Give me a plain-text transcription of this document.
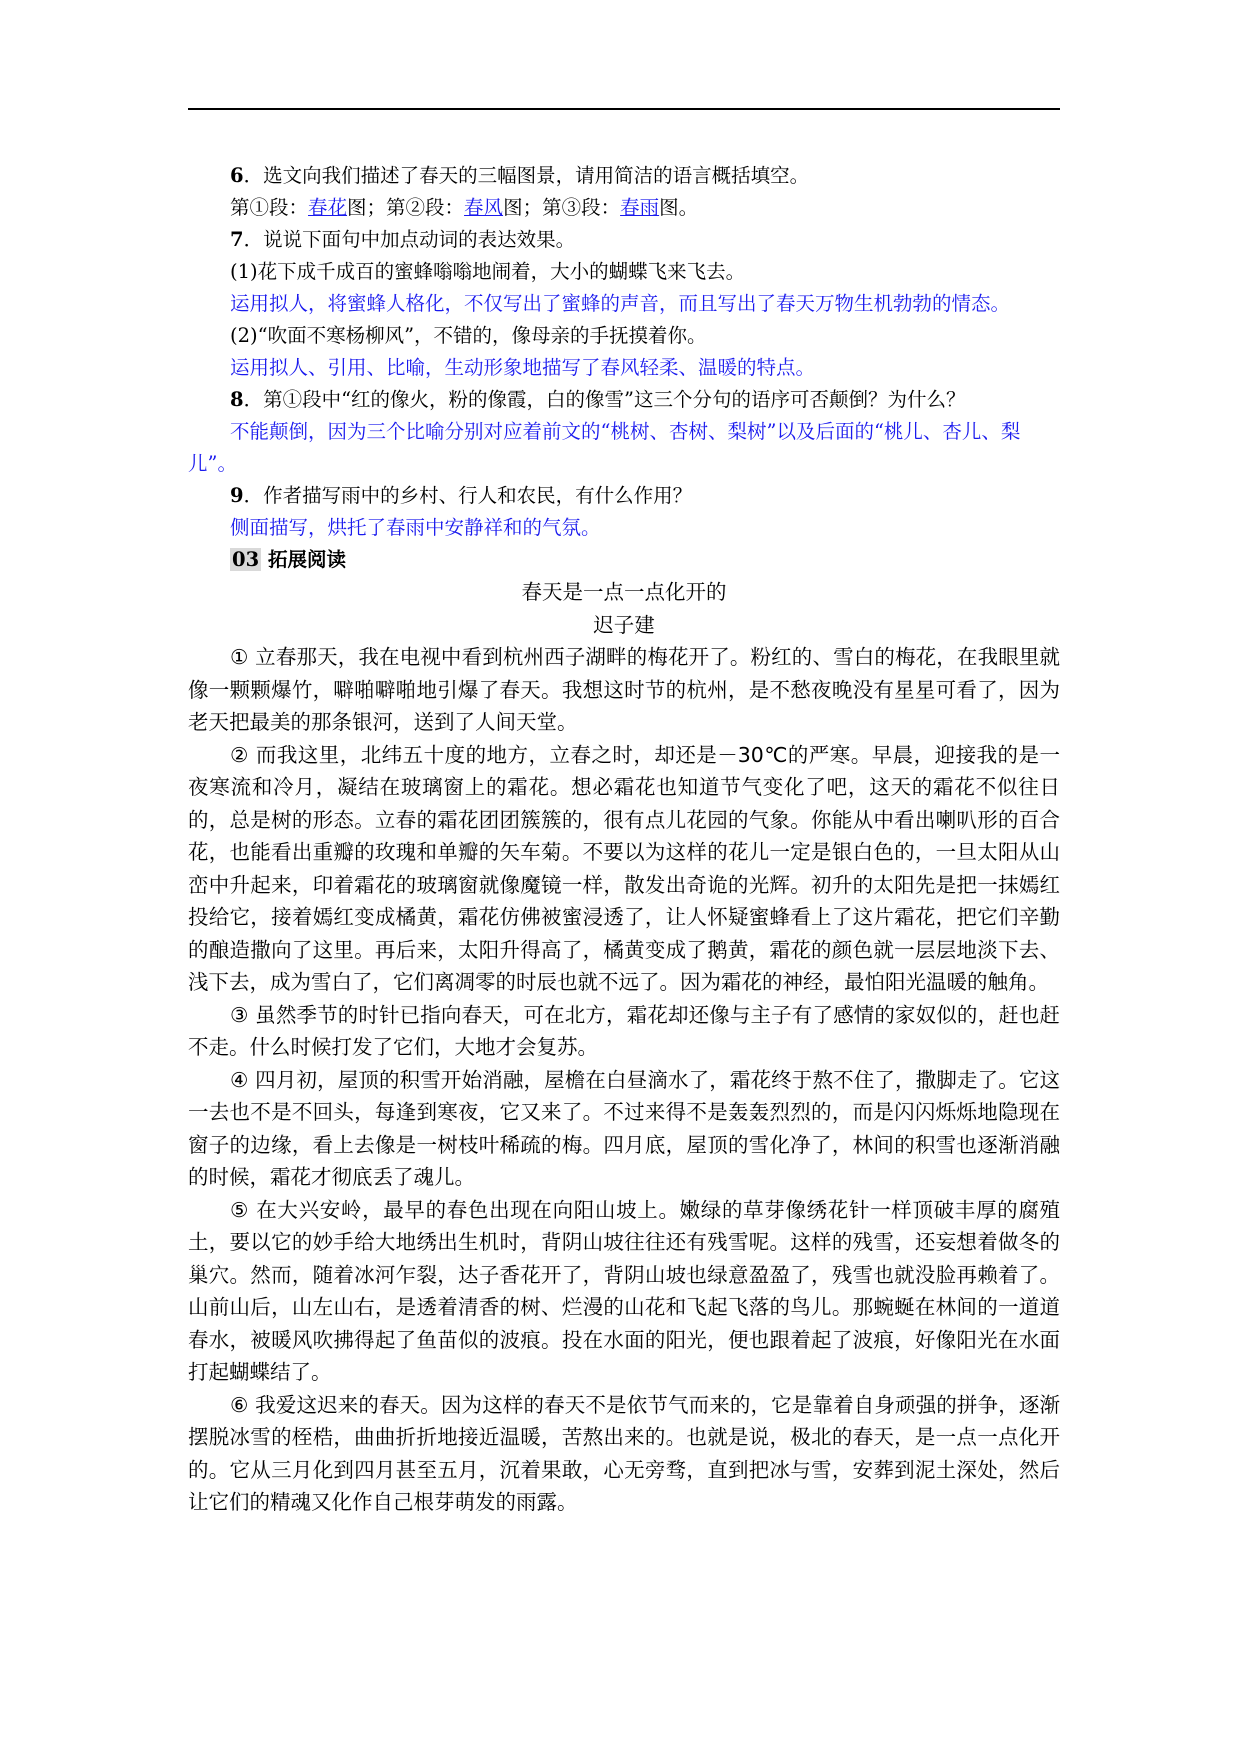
6．选文向我们描述了春天的三幅图景，请用简洁的语言概括填空。

第①段：春花图；第②段：春风图；第③段：春雨图。

7．说说下面句中加点动词的表达效果。

(1)花下成千成百的蜜蜂嗡嗡地闹着，大小的蝴蝶飞来飞去。

运用拟人，将蜜蜂人格化，不仅写出了蜜蜂的声音，而且写出了春天万物生机勃勃的情态。

(2)“吹面不寒杨柳风”，不错的，像母亲的手抚摸着你。

运用拟人、引用、比喻，生动形象地描写了春风轻柔、温暖的特点。

8．第①段中“红的像火，粉的像霞，白的像雪”这三个分句的语序可否颠倒？为什么？

不能颠倒，因为三个比喻分别对应着前文的“桃树、杏树、梨树”以及后面的“桃儿、杏儿、梨儿”。

9．作者描写雨中的乡村、行人和农民，有什么作用？

侧面描写，烘托了春雨中安静祥和的气氛。

03 拓展阅读

春天是一点一点化开的

迟子建

① 立春那天，我在电视中看到杭州西子湖畔的梅花开了。粉红的、雪白的梅花，在我眼里就像一颗颗爆竹，噼啪噼啪地引爆了春天。我想这时节的杭州，是不愁夜晚没有星星可看了，因为老天把最美的那条银河，送到了人间天堂。

② 而我这里，北纬五十度的地方，立春之时，却还是－30℃的严寒。早晨，迎接我的是一夜寒流和冷月，凝结在玻璃窗上的霜花。想必霜花也知道节气变化了吧，这天的霜花不似往日的，总是树的形态。立春的霜花团团簇簇的，很有点儿花园的气象。你能从中看出喇叭形的百合花，也能看出重瓣的玫瑰和单瓣的矢车菊。不要以为这样的花儿一定是银白色的，一旦太阳从山峦中升起来，印着霜花的玻璃窗就像魔镜一样，散发出奇诡的光辉。初升的太阳先是把一抹嫣红投给它，接着嫣红变成橘黄，霜花仿佛被蜜浸透了，让人怀疑蜜蜂看上了这片霜花，把它们辛勤的酿造撒向了这里。再后来，太阳升得高了，橘黄变成了鹅黄，霜花的颜色就一层层地淡下去、浅下去，成为雪白了，它们离凋零的时辰也就不远了。因为霜花的神经，最怕阳光温暖的触角。

③ 虽然季节的时针已指向春天，可在北方，霜花却还像与主子有了感情的家奴似的，赶也赶不走。什么时候打发了它们，大地才会复苏。

④ 四月初，屋顶的积雪开始消融，屋檐在白昼滴水了，霜花终于熬不住了，撒脚走了。它这一去也不是不回头，每逢到寒夜，它又来了。不过来得不是轰轰烈烈的，而是闪闪烁烁地隐现在窗子的边缘，看上去像是一树枝叶稀疏的梅。四月底，屋顶的雪化净了，林间的积雪也逐渐消融的时候，霜花才彻底丢了魂儿。

⑤ 在大兴安岭，最早的春色出现在向阳山坡上。嫩绿的草芽像绣花针一样顶破丰厚的腐殖土，要以它的妙手给大地绣出生机时，背阴山坡往往还有残雪呢。这样的残雪，还妄想着做冬的巢穴。然而，随着冰河乍裂，达子香花开了，背阴山坡也绿意盈盈了，残雪也就没脸再赖着了。山前山后，山左山右，是透着清香的树、烂漫的山花和飞起飞落的鸟儿。那蜿蜒在林间的一道道春水，被暖风吹拂得起了鱼苗似的波痕。投在水面的阳光，便也跟着起了波痕，好像阳光在水面打起蝴蝶结了。

⑥ 我爱这迟来的春天。因为这样的春天不是依节气而来的，它是靠着自身顽强的拼争，逐渐摆脱冰雪的桎梏，曲曲折折地接近温暖，苦熬出来的。也就是说，极北的春天，是一点一点化开的。它从三月化到四月甚至五月，沉着果敢，心无旁骛，直到把冰与雪，安葬到泥土深处，然后让它们的精魂又化作自己根芽萌发的雨露。
